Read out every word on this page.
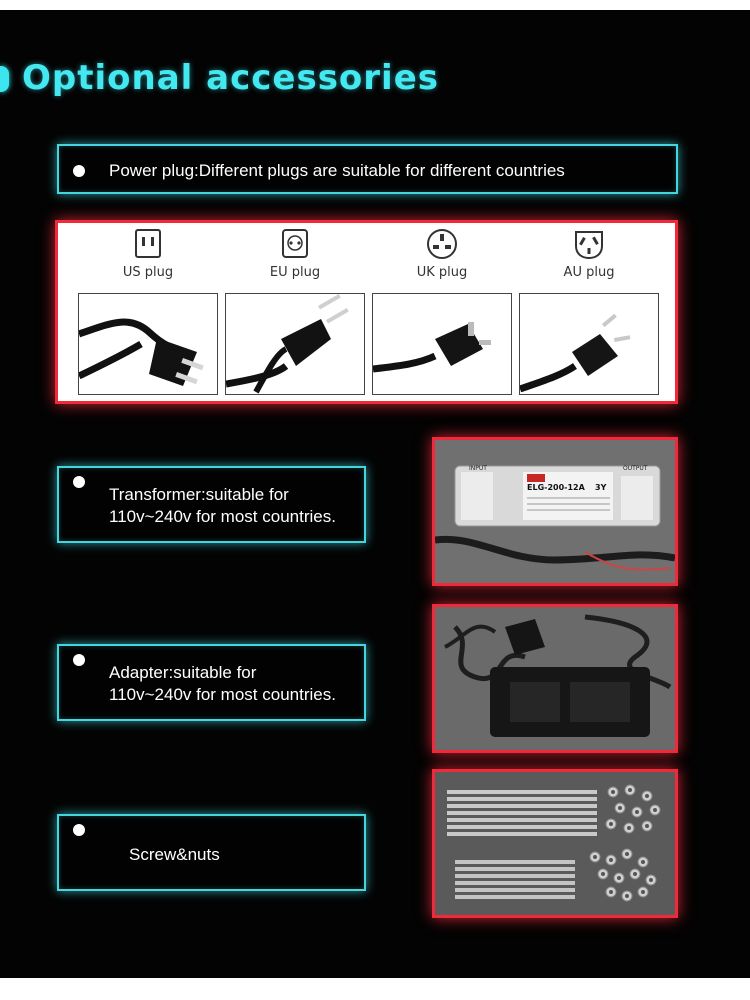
Optional accessories
Power plug:Different plugs are suitable for different countries
US plug	EU plug	UK plug	AU plug
Transformer:suitable for
110v~240v for most countries.
INPUT
ELG-200-12A 3Y
OUTPUT
Adapter:suitable for
110v~240v for most countries.
Screw&nuts
